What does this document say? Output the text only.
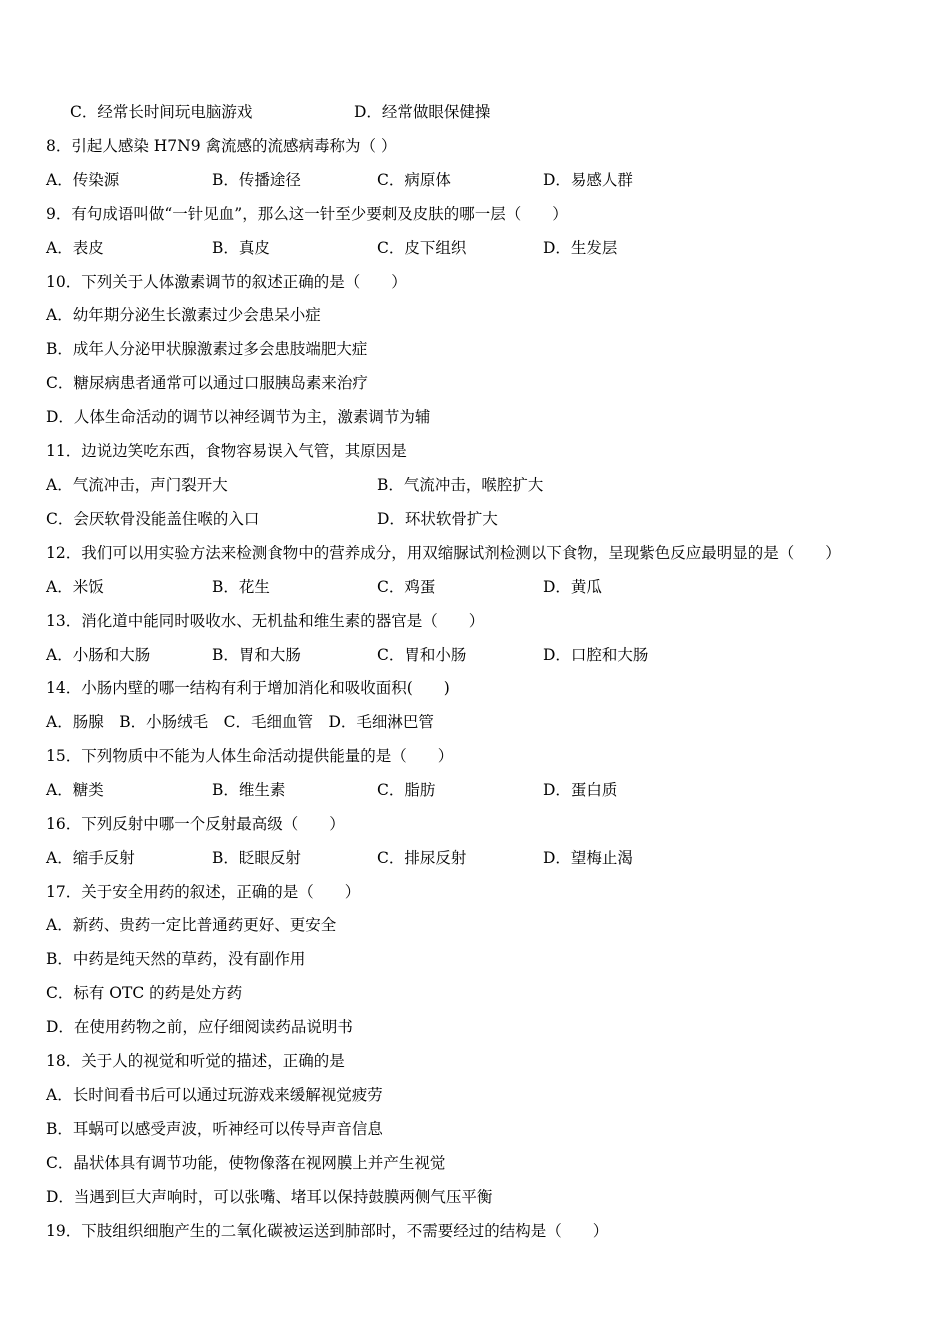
C．经常长时间玩电脑游戏	D．经常做眼保健操
8．引起人感染 H7N9 禽流感的流感病毒称为（ ）
A．传染源	B．传播途径	C．病原体	D．易感人群
9．有句成语叫做“一针见血”，那么这一针至少要刺及皮肤的哪一层（　　）
A．表皮	B．真皮	C．皮下组织	D．生发层
10．下列关于人体激素调节的叙述正确的是（　　）
A．幼年期分泌生长激素过少会患呆小症
B．成年人分泌甲状腺激素过多会患肢端肥大症
C．糖尿病患者通常可以通过口服胰岛素来治疗
D．人体生命活动的调节以神经调节为主，激素调节为辅
11．边说边笑吃东西，食物容易误入气管，其原因是
A．气流冲击，声门裂开大	B．气流冲击，喉腔扩大
C．会厌软骨没能盖住喉的入口	D．环状软骨扩大
12．我们可以用实验方法来检测食物中的营养成分，用双缩脲试剂检测以下食物，呈现紫色反应最明显的是（　　）
A．米饭	B．花生	C．鸡蛋	D．黄瓜
13．消化道中能同时吸收水、无机盐和维生素的器官是（　　）
A．小肠和大肠	B．胃和大肠	C．胃和小肠	D．口腔和大肠
14．小肠内壁的哪一结构有利于增加消化和吸收面积(　　)
A．肠腺　B．小肠绒毛　C．毛细血管　D．毛细淋巴管
15．下列物质中不能为人体生命活动提供能量的是（　　）
A．糖类	B．维生素	C．脂肪	D．蛋白质
16．下列反射中哪一个反射最高级（　　）
A．缩手反射	B．眨眼反射	C．排尿反射	D．望梅止渴
17．关于安全用药的叙述，正确的是（　　）
A．新药、贵药一定比普通药更好、更安全
B．中药是纯天然的草药，没有副作用
C．标有 OTC 的药是处方药
D．在使用药物之前，应仔细阅读药品说明书
18．关于人的视觉和听觉的描述，正确的是
A．长时间看书后可以通过玩游戏来缓解视觉疲劳
B．耳蜗可以感受声波，听神经可以传导声音信息
C．晶状体具有调节功能，使物像落在视网膜上并产生视觉
D．当遇到巨大声响时，可以张嘴、堵耳以保持鼓膜两侧气压平衡
19．下肢组织细胞产生的二氧化碳被运送到肺部时，不需要经过的结构是（　　）
